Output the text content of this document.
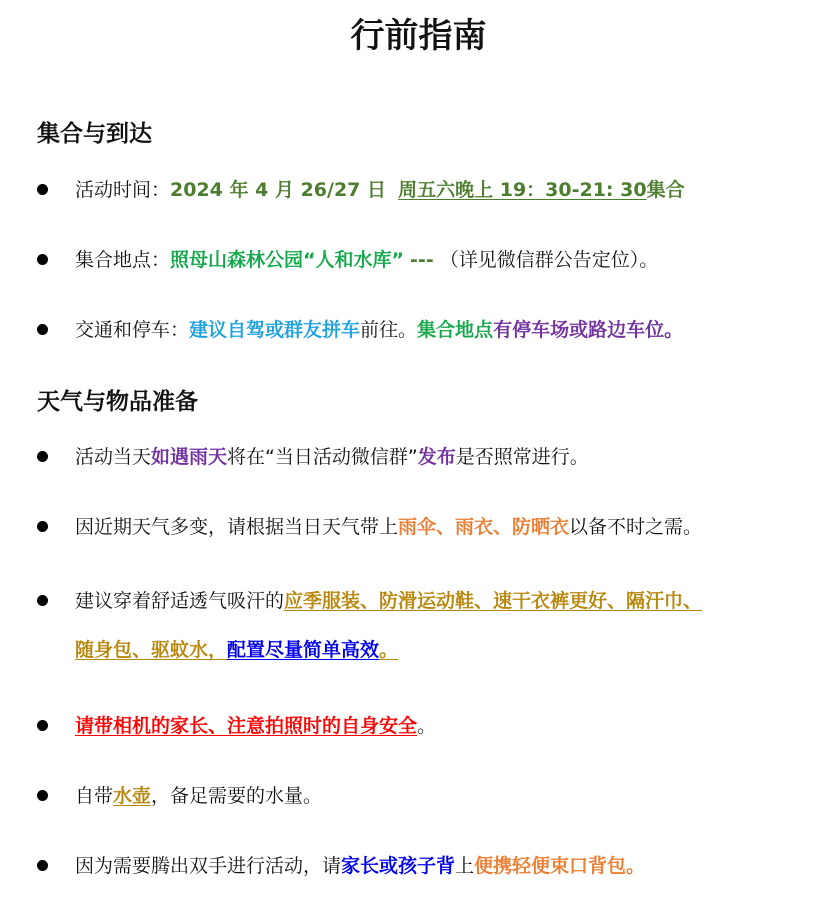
行前指南
集合与到达
活动时间：2024 年 4 月 26/27 日 周五六晚上 19：30-21: 30集合
集合地点：照母山森林公园“人和水库” --- （详见微信群公告定位）。
交通和停车：建议自驾或群友拼车前往。集合地点有停车场或路边车位。
天气与物品准备
活动当天如遇雨天将在“当日活动微信群”发布是否照常进行。
因近期天气多变，请根据当日天气带上雨伞、雨衣、防晒衣以备不时之需。
建议穿着舒适透气吸汗的应季服装、防滑运动鞋、速干衣裤更好、隔汗巾、
随身包、驱蚊水，配置尽量简单高效。
请带相机的家长、注意拍照时的自身安全。
自带水壶，备足需要的水量。
因为需要腾出双手进行活动，请家长或孩子背上便携轻便束口背包。
